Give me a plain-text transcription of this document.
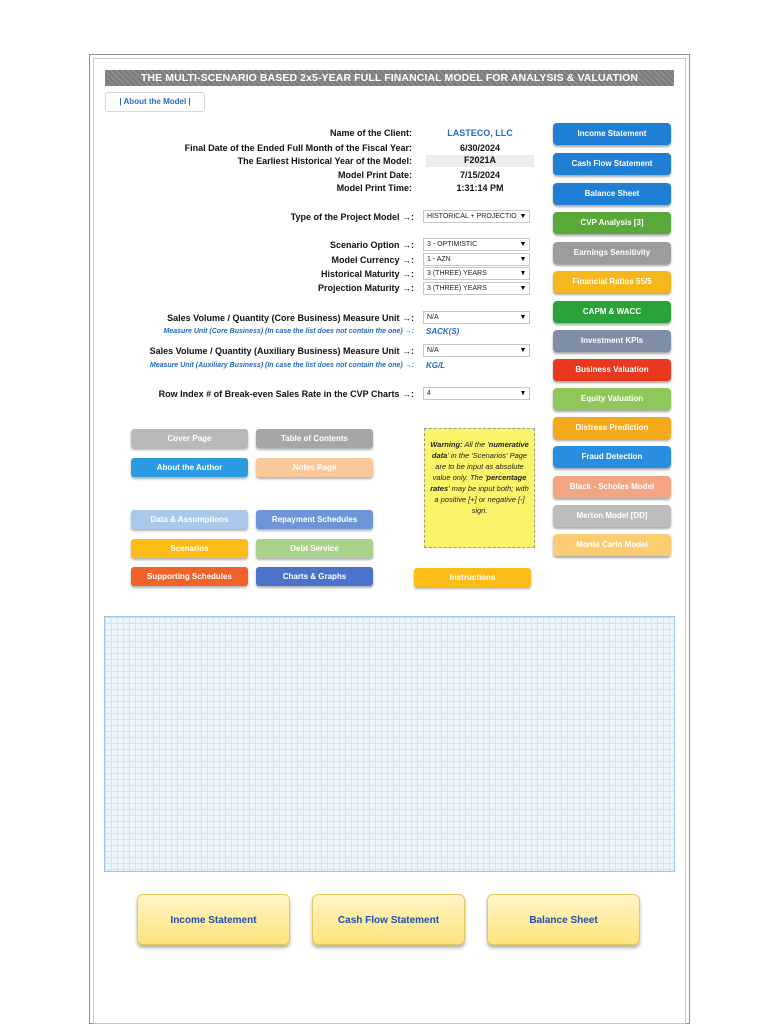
THE MULTI-SCENARIO BASED 2x5-YEAR FULL FINANCIAL MODEL FOR ANALYSIS & VALUATION
| About the Model |
Name of the Client:	LASTECO, LLC
Final Date of the Ended Full Month of the Fiscal Year:	6/30/2024
The Earliest Historical Year of the Model:	F2021A
Model Print Date:	7/15/2024
Model Print Time:	1:31:14 PM
Type of the Project Model →:	HISTORICAL + PROJECTIO ▼
Scenario Option →:	3 - OPTIMISTIC	▼
Model Currency →:	1 - AZN	▼
Historical Maturity →:	3 (THREE) YEARS	▼
Projection Maturity →:	3 (THREE) YEARS	▼
Sales Volume / Quantity (Core Business) Measure Unit →:	N/A	▼
Measure Unit (Core Business) (In case the list does not contain the one) →: SACK(S)
Sales Volume / Quantity (Auxiliary Business) Measure Unit →:	N/A	▼
Measure Unit (Auxiliary Business) (In case the list does not contain the one) →: KG/L
Row Index # of Break-even Sales Rate in the CVP Charts →:	4	▼
Income Statement
Cash Flow Statement
Balance Sheet
CVP Analysis [3]
Earnings Sensitivity
Financial Ratios 55/5
CAPM & WACC
Investment KPIs
Business Valuation
Equity Valuation
Distress Prediction
Fraud Detection
Black - Scholes Model
Merton Model [DD]
Monte Carlo Model
Cover Page	Table of Contents
About the Author	Notes Page
Data & Assumptions	Repayment Schedules
Scenarios	Debt Service
Supporting Schedules	Charts & Graphs	Instructions
Warning: All the 'numerative data' in the 'Scenarios' Page are to be input as absolute value only. The 'percentage rates' may be input both; with a positive [+] or negative [-] sign.
Income Statement	Cash Flow Statement	Balance Sheet
